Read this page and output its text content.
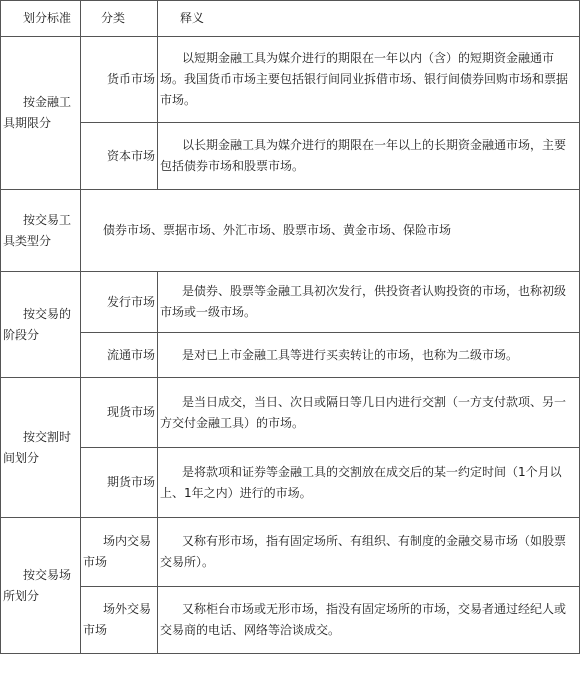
划分标准	分类	释义

按金融工具期限分	货币市场	以短期金融工具为媒介进行的期限在一年以内（含）的短期资金融通市场。我国货币市场主要包括银行间同业拆借市场、银行间债券回购市场和票据市场。

	资本市场	以长期金融工具为媒介进行的期限在一年以上的长期资金融通市场，主要包括债券市场和股票市场。

按交易工具类型分	债券市场、票据市场、外汇市场、股票市场、黄金市场、保险市场	

按交易的阶段分	发行市场	是债券、股票等金融工具初次发行，供投资者认购投资的市场，也称初级市场或一级市场。

	流通市场	是对已上市金融工具等进行买卖转让的市场，也称为二级市场。

按交割时间划分	现货市场	是当日成交，当日、次日或隔日等几日内进行交割（一方支付款项、另一方交付金融工具）的市场。

	期货市场	是将款项和证券等金融工具的交割放在成交后的某一约定时间（1个月以上、1年之内）进行的市场。

按交易场所划分	场内交易市场	又称有形市场，指有固定场所、有组织、有制度的金融交易市场（如股票交易所）。

	场外交易市场	又称柜台市场或无形市场，指没有固定场所的市场，交易者通过经纪人或交易商的电话、网络等洽谈成交。
